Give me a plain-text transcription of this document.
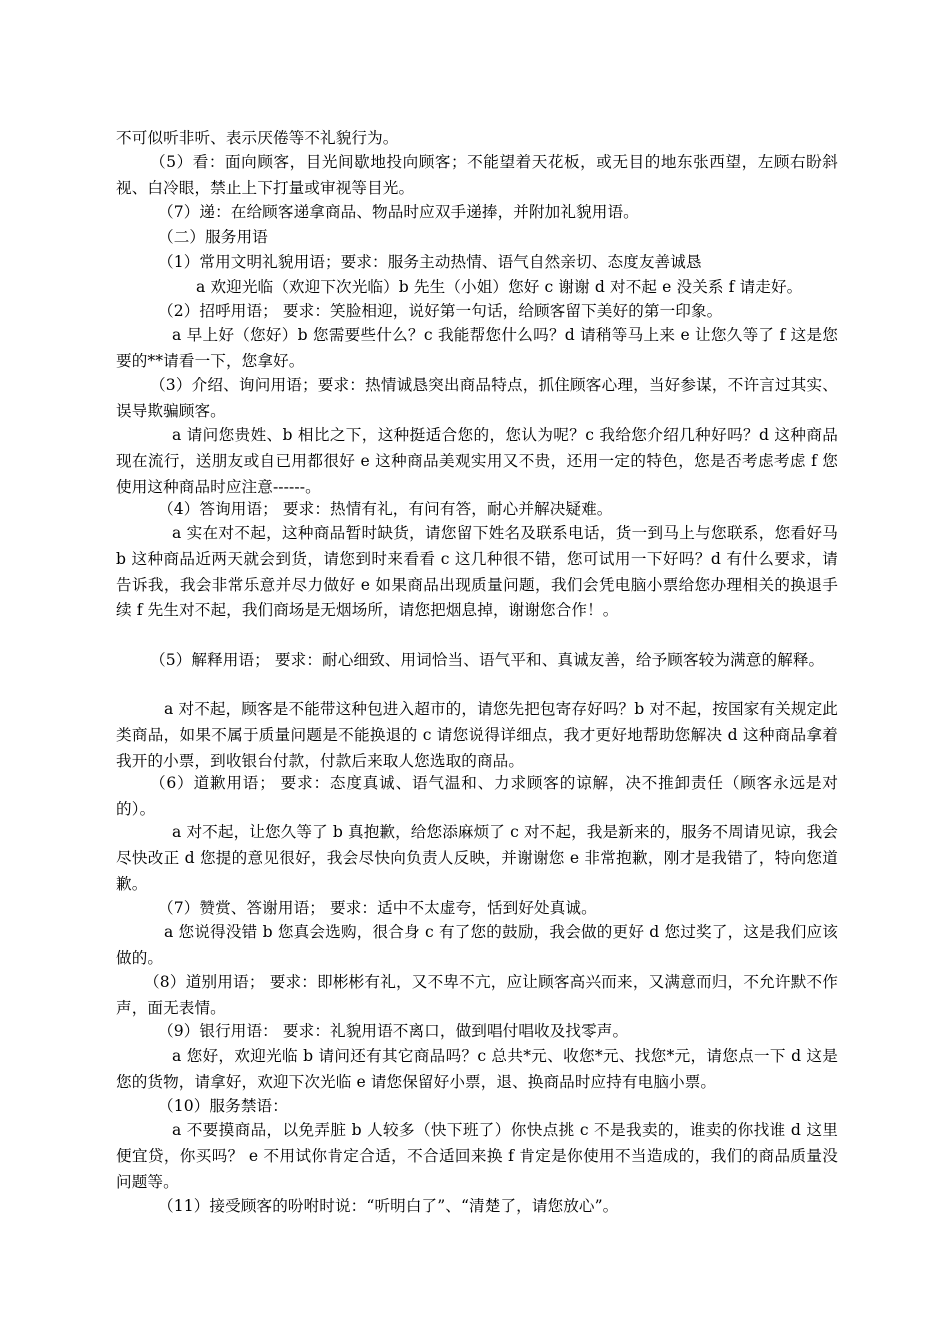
不可似听非听、表示厌倦等不礼貌行为。

（5）看：面向顾客，目光间歇地投向顾客；不能望着天花板，或无目的地东张西望，左顾右盼斜视、白冷眼，禁止上下打量或审视等目光。

（7）递：在给顾客递拿商品、物品时应双手递捧，并附加礼貌用语。

（二）服务用语

（1）常用文明礼貌用语；要求：服务主动热情、语气自然亲切、态度友善诚恳

a 欢迎光临（欢迎下次光临）b 先生（小姐）您好 c 谢谢 d 对不起 e 没关系 f 请走好。

（2）招呼用语； 要求：笑脸相迎，说好第一句话，给顾客留下美好的第一印象。

a 早上好（您好）b 您需要些什么？c 我能帮您什么吗？d 请稍等马上来 e 让您久等了 f 这是您要的**请看一下，您拿好。

（3）介绍、询问用语；要求：热情诚恳突出商品特点，抓住顾客心理，当好参谋，不许言过其实、误导欺骗顾客。

a 请问您贵姓、b 相比之下，这种挺适合您的，您认为呢？c 我给您介绍几种好吗？d 这种商品现在流行，送朋友或自已用都很好 e 这种商品美观实用又不贵，还用一定的特色，您是否考虑考虑 f 您使用这种商品时应注意------。

（4）答询用语； 要求：热情有礼，有问有答，耐心并解决疑难。

a 实在对不起，这种商品暂时缺货，请您留下姓名及联系电话，货一到马上与您联系，您看好马 b 这种商品近两天就会到货，请您到时来看看 c 这几种很不错，您可试用一下好吗？d 有什么要求，请告诉我，我会非常乐意并尽力做好 e 如果商品出现质量问题，我们会凭电脑小票给您办理相关的换退手续 f 先生对不起，我们商场是无烟场所，请您把烟息掉，谢谢您合作！。

（5）解释用语； 要求：耐心细致、用词恰当、语气平和、真诚友善，给予顾客较为满意的解释。

a 对不起，顾客是不能带这种包进入超市的，请您先把包寄存好吗？b 对不起，按国家有关规定此类商品，如果不属于质量问题是不能换退的 c 请您说得详细点，我才更好地帮助您解决 d 这种商品拿着我开的小票，到收银台付款，付款后来取人您选取的商品。

（6）道歉用语； 要求：态度真诚、语气温和、力求顾客的谅解，决不推卸责任（顾客永远是对的）。

a 对不起，让您久等了 b 真抱歉，给您添麻烦了 c 对不起，我是新来的，服务不周请见谅，我会尽快改正 d 您提的意见很好，我会尽快向负责人反映，并谢谢您 e 非常抱歉，刚才是我错了，特向您道歉。

（7）赞赏、答谢用语； 要求：适中不太虚夸，恬到好处真诚。

a 您说得没错 b 您真会选购，很合身 c 有了您的鼓励，我会做的更好 d 您过奖了，这是我们应该做的。

（8）道别用语； 要求：即彬彬有礼，又不卑不亢，应让顾客高兴而来，又满意而归，不允许默不作声，面无表情。

（9）银行用语： 要求：礼貌用语不离口，做到唱付唱收及找零声。

a 您好，欢迎光临 b 请问还有其它商品吗？c 总共*元、收您*元、找您*元，请您点一下 d 这是您的货物，请拿好，欢迎下次光临 e 请您保留好小票，退、换商品时应持有电脑小票。

（10）服务禁语：

a 不要摸商品，以免弄脏 b 人较多（快下班了）你快点挑 c 不是我卖的，谁卖的你找谁 d 这里便宜贷，你买吗？ e 不用试你肯定合适，不合适回来换 f 肯定是你使用不当造成的，我们的商品质量没问题等。

（11）接受顾客的吩咐时说：“听明白了”、“清楚了，请您放心”。
